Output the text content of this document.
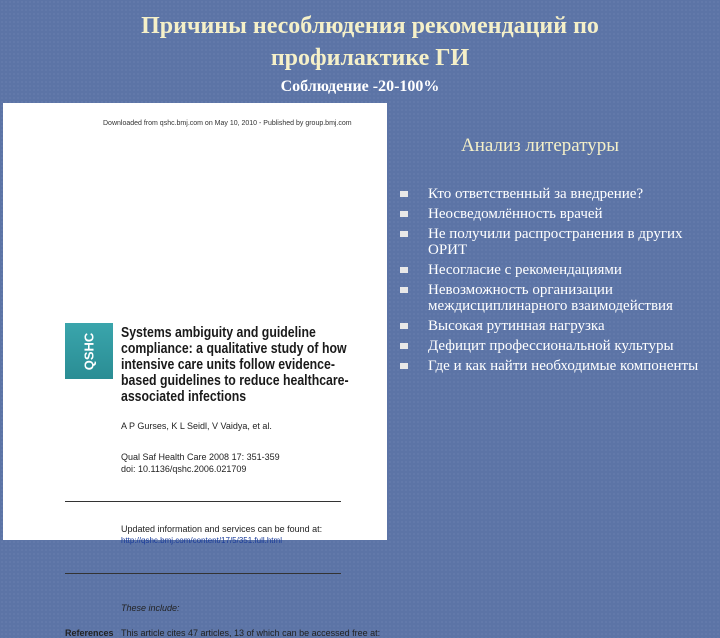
Причины несоблюдения рекомендаций по профилактике ГИ
Соблюдение -20-100%
Downloaded from qshc.bmj.com on May 10, 2010 - Published by group.bmj.com
QSHC Systems ambiguity and guideline compliance: a qualitative study of how intensive care units follow evidence-based guidelines to reduce healthcare-associated infections
A P Gurses, K L Seidl, V Vaidya, et al.
Qual Saf Health Care 2008 17: 351-359
doi: 10.1136/qshc.2006.021709
Updated information and services can be found at:
http://qshc.bmj.com/content/17/5/351.full.html
These include:
References This article cites 47 articles, 13 of which can be accessed free at:
Анализ литературы
Кто ответственный за внедрение?
Неосведомлённость врачей
Не получили распространения в других ОРИТ
Несогласие с рекомендациями
Невозможность организации междисциплинарного взаимодействия
Высокая рутинная нагрузка
Дефицит профессиональной культуры
Где и как найти необходимые компоненты
